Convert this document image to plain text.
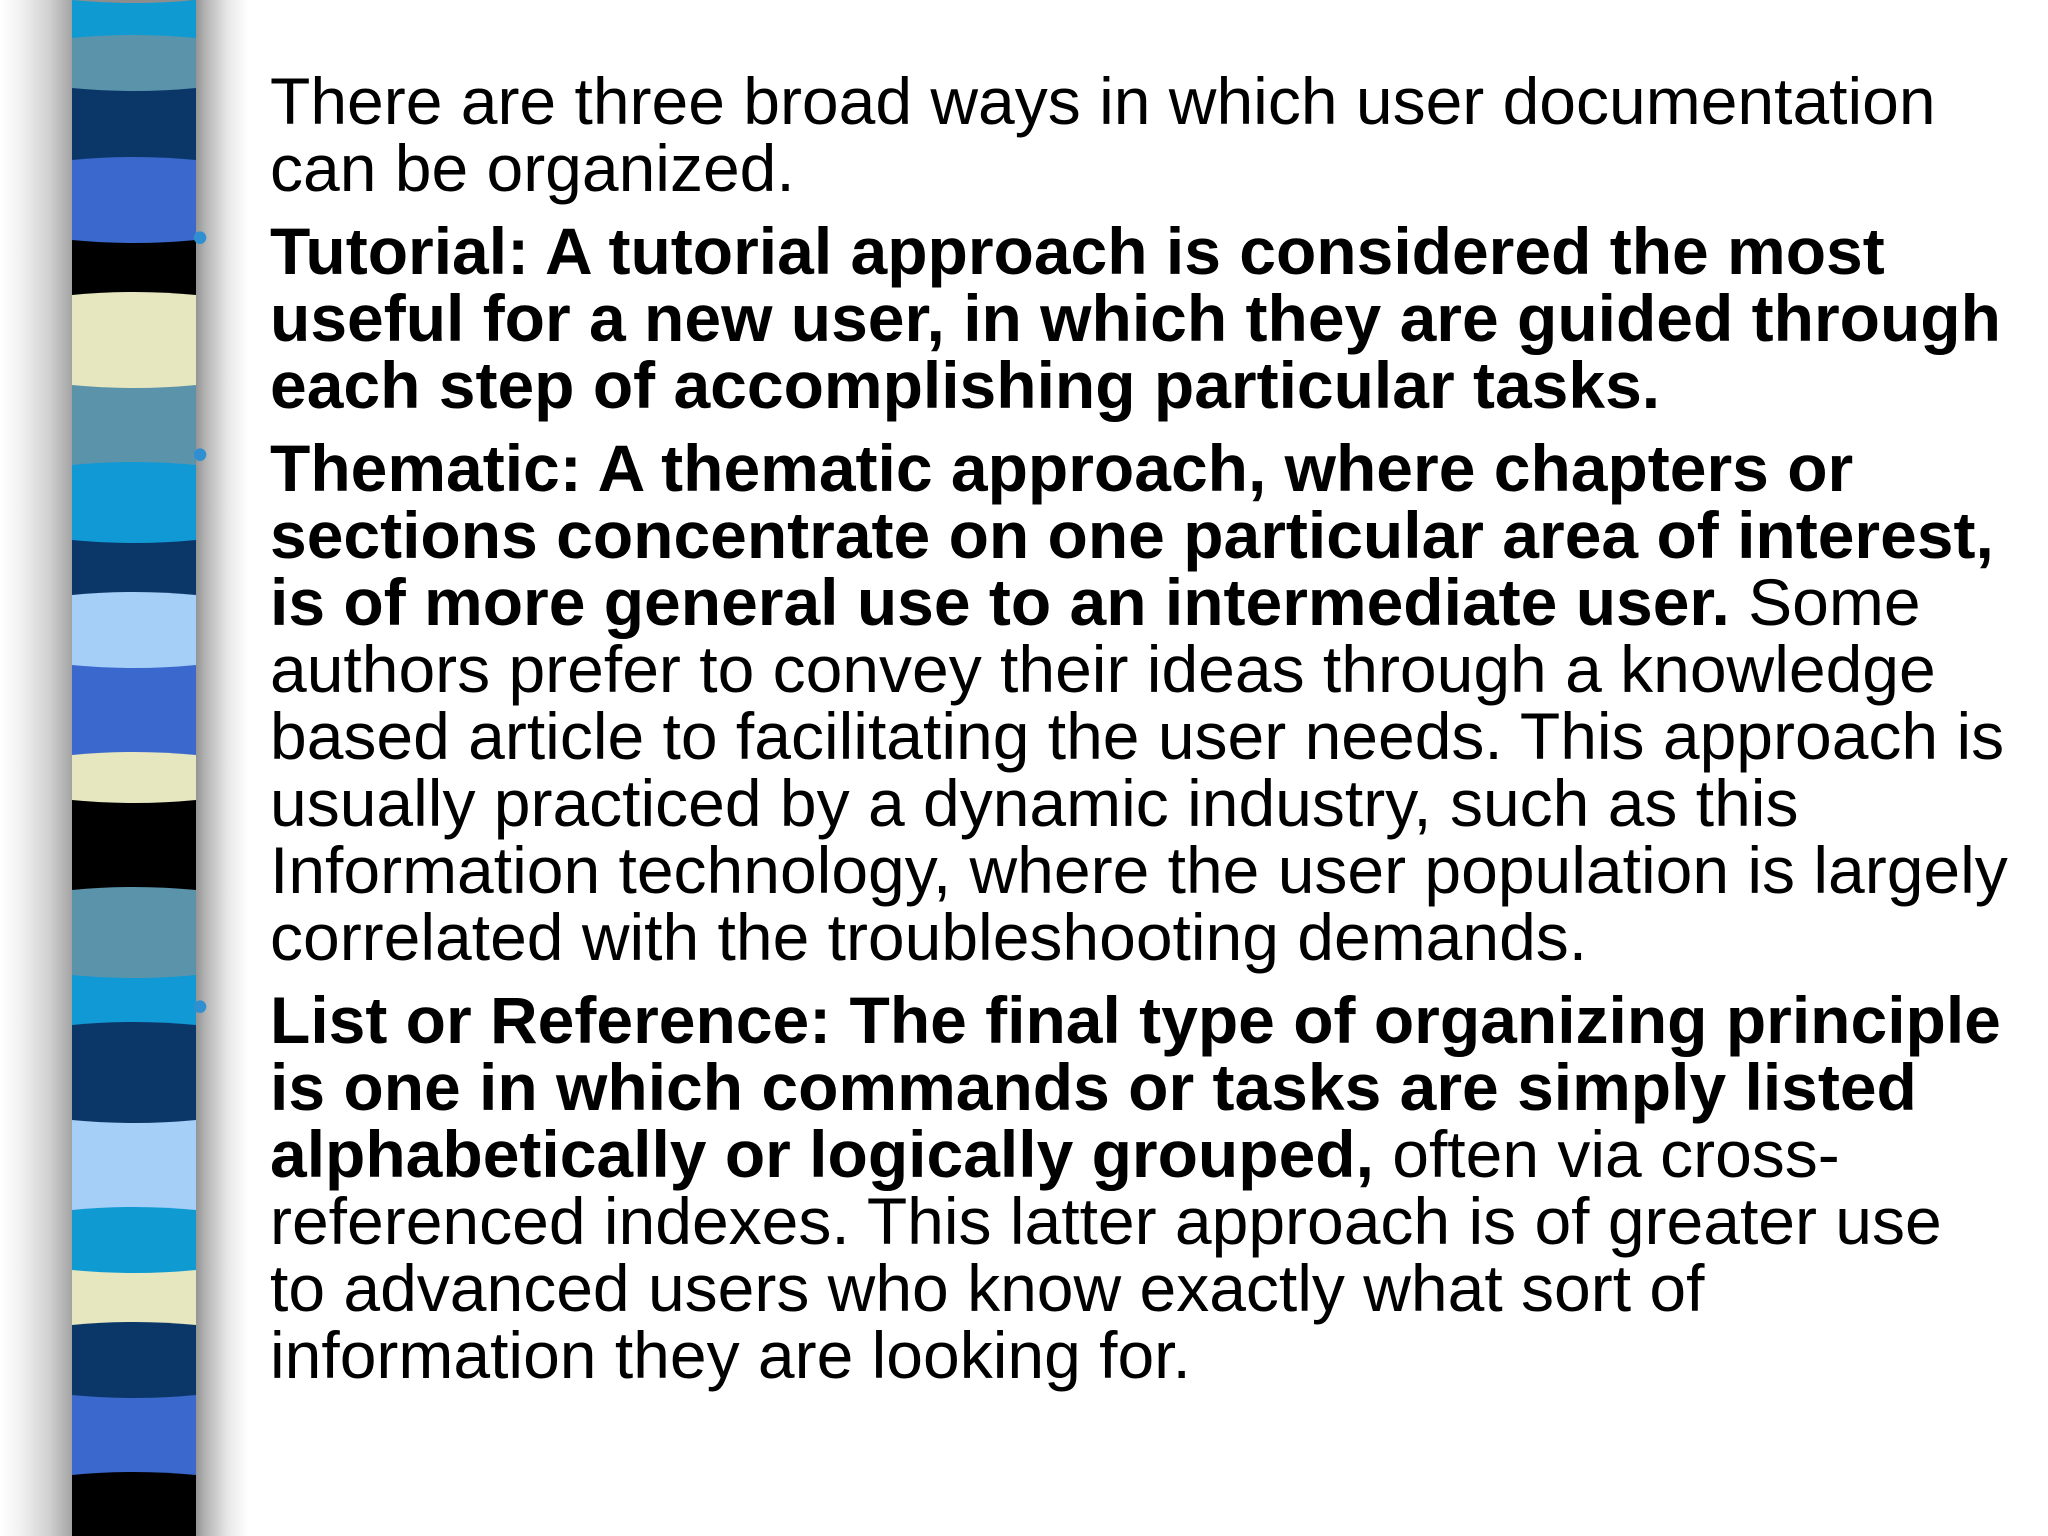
There are three broad ways in which user documentation can be organized.

• Tutorial: A tutorial approach is considered the most useful for a new user, in which they are guided through each step of accomplishing particular tasks.

• Thematic: A thematic approach, where chapters or sections concentrate on one particular area of interest, is of more general use to an intermediate user. Some authors prefer to convey their ideas through a knowledge based article to facilitating the user needs. This approach is usually practiced by a dynamic industry, such as this Information technology, where the user population is largely correlated with the troubleshooting demands.

• List or Reference: The final type of organizing principle is one in which commands or tasks are simply listed alphabetically or logically grouped, often via cross-referenced indexes. This latter approach is of greater use to advanced users who know exactly what sort of information they are looking for.
